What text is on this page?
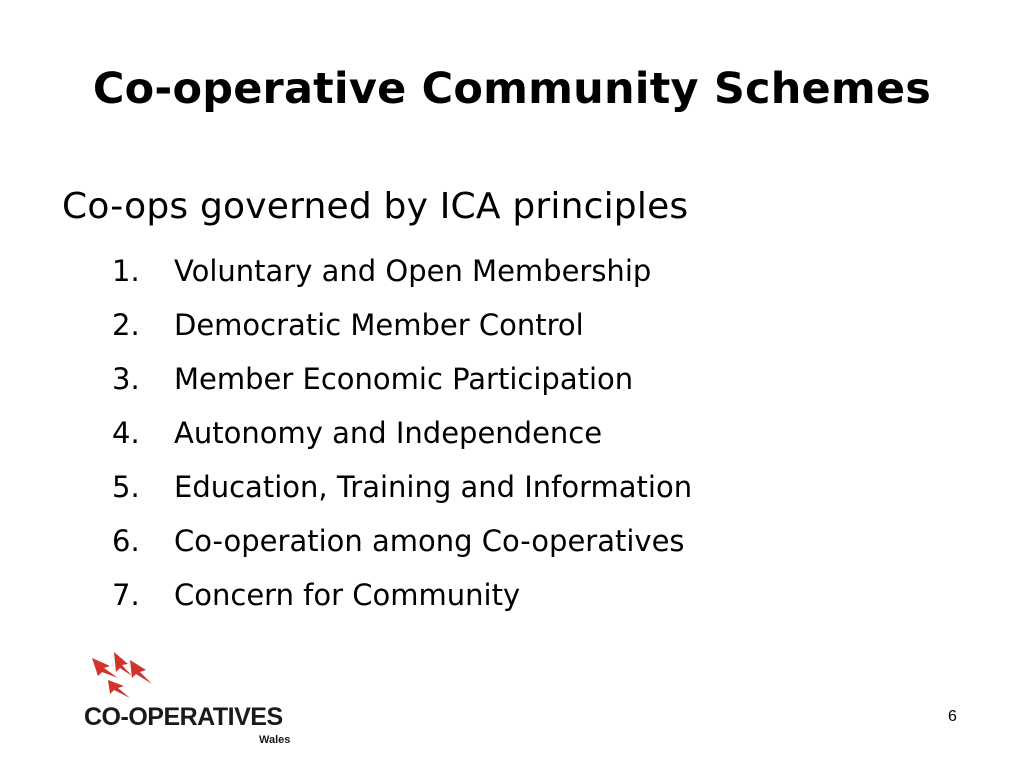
Co-operative Community Schemes

Co-ops governed by ICA principles

1.	Voluntary and Open Membership
2.	Democratic Member Control
3.	Member Economic Participation
4.	Autonomy and Independence
5.	Education, Training and Information
6.	Co-operation among Co-operatives
7.	Concern for Community
CO-OPERATIVES
Wales
6
